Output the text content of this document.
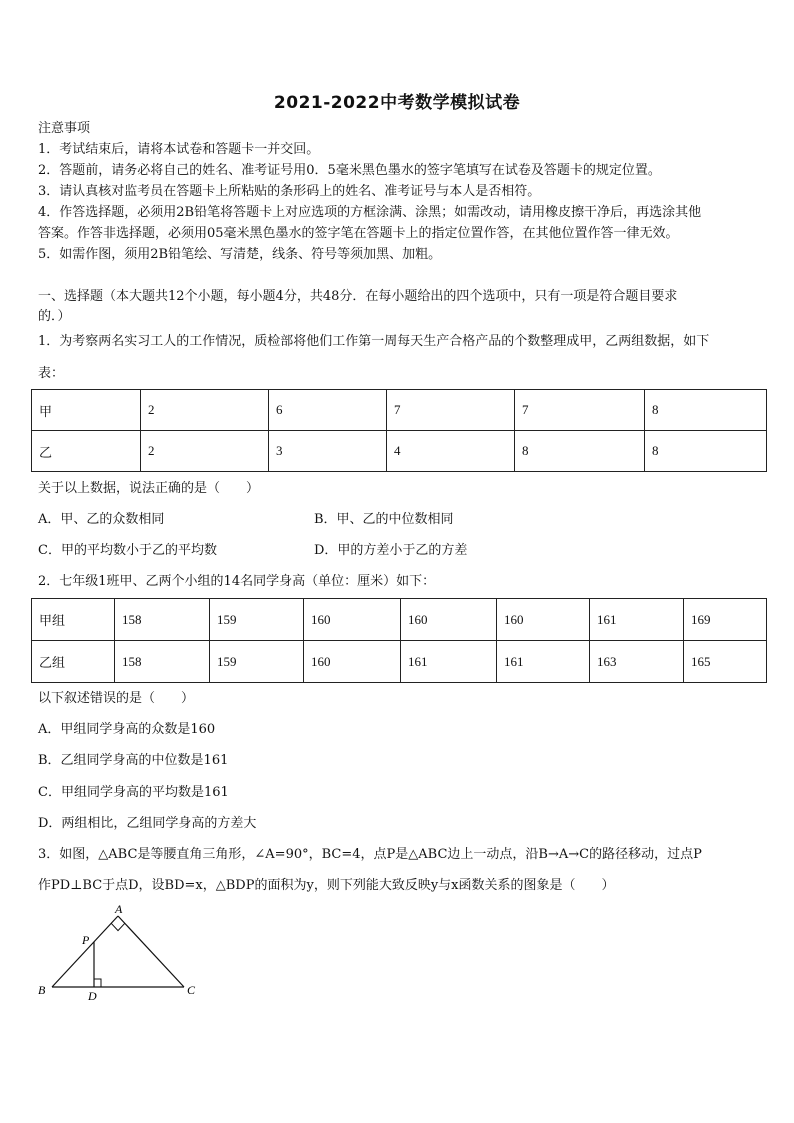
2021-2022中考数学模拟试卷
注意事项
1．考试结束后，请将本试卷和答题卡一并交回。
2．答题前，请务必将自己的姓名、准考证号用0．5毫米黑色墨水的签字笔填写在试卷及答题卡的规定位置。
3．请认真核对监考员在答题卡上所粘贴的条形码上的姓名、准考证号与本人是否相符。
4．作答选择题，必须用2B铅笔将答题卡上对应选项的方框涂满、涂黑；如需改动，请用橡皮擦干净后，再选涂其他
答案。作答非选择题，必须用05毫米黑色墨水的签字笔在答题卡上的指定位置作答，在其他位置作答一律无效。
5．如需作图，须用2B铅笔绘、写清楚，线条、符号等须加黑、加粗。
一、选择题（本大题共12个小题，每小题4分，共48分．在每小题给出的四个选项中，只有一项是符合题目要求
的．）
1．为考察两名实习工人的工作情况，质检部将他们工作第一周每天生产合格产品的个数整理成甲，乙两组数据，如下
表：
甲	2	6	7	7	8
乙	2	3	4	8	8
关于以上数据，说法正确的是（　　）
A．甲、乙的众数相同	B．甲、乙的中位数相同
C．甲的平均数小于乙的平均数	D．甲的方差小于乙的方差
2．七年级1班甲、乙两个小组的14名同学身高（单位：厘米）如下：
甲组	158	159	160	160	160	161	169
乙组	158	159	160	161	161	163	165
以下叙述错误的是（　　）
A．甲组同学身高的众数是160
B．乙组同学身高的中位数是161
C．甲组同学身高的平均数是161
D．两组相比，乙组同学身高的方差大
3．如图，△ABC是等腰直角三角形，∠A=90°，BC=4，点P是△ABC边上一动点，沿B→A→C的路径移动，过点P
作PD⊥BC于点D，设BD=x，△BDP的面积为y，则下列能大致反映y与x函数关系的图象是（　　）
A
B	C
D
P
